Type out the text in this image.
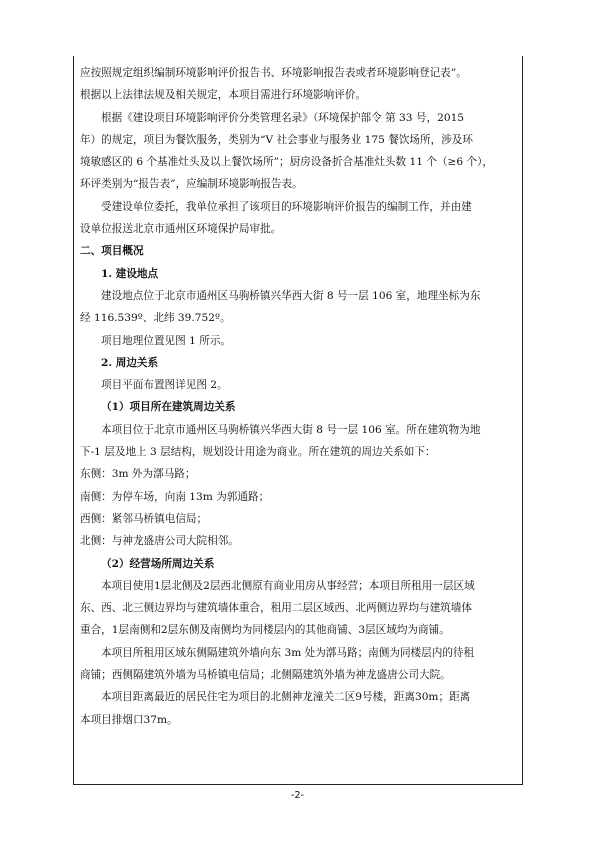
应按照规定组织编制环境影响评价报告书、环境影响报告表或者环境影响登记表”。
根据以上法律法规及相关规定，本项目需进行环境影响评价。
根据《建设项目环境影响评价分类管理名录》（环境保护部令 第 33 号，2015
年）的规定，项目为餐饮服务，类别为“V 社会事业与服务业 175 餐饮场所，涉及环
境敏感区的 6 个基准灶头及以上餐饮场所”；厨房设备折合基准灶头数 11 个（≥6 个），
环评类别为“报告表”，应编制环境影响报告表。
受建设单位委托，我单位承担了该项目的环境影响评价报告的编制工作，并由建
设单位报送北京市通州区环境保护局审批。
二、项目概况
1. 建设地点
建设地点位于北京市通州区马驹桥镇兴华西大街 8 号一层 106 室，地理坐标为东
经 116.539º、北纬 39.752º。
项目地理位置见图 1 所示。
2. 周边关系
项目平面布置图详见图 2。
（1）项目所在建筑周边关系
本项目位于北京市通州区马驹桥镇兴华西大街 8 号一层 106 室。所在建筑物为地
下-1 层及地上 3 层结构，规划设计用途为商业。所在建筑的周边关系如下：
东侧：3m 外为漷马路；
南侧：为停车场，向南 13m 为郭通路；
西侧：紧邻马桥镇电信局；
北侧：与神龙盛唐公司大院相邻。
（2）经营场所周边关系
本项目使用1层北侧及2层西北侧原有商业用房从事经营；本项目所租用一层区域
东、西、北三侧边界均与建筑墙体重合，租用二层区域西、北两侧边界均与建筑墙体
重合，1层南侧和2层东侧及南侧均为同楼层内的其他商铺、3层区域均为商铺。
本项目所租用区域东侧隔建筑外墙向东 3m 处为漷马路；南侧为同楼层内的待租
商铺；西侧隔建筑外墙为马桥镇电信局；北侧隔建筑外墙为神龙盛唐公司大院。
本项目距离最近的居民住宅为项目的北侧神龙潼关二区9号楼，距离30m；距离
本项目排烟口37m。
-2-
